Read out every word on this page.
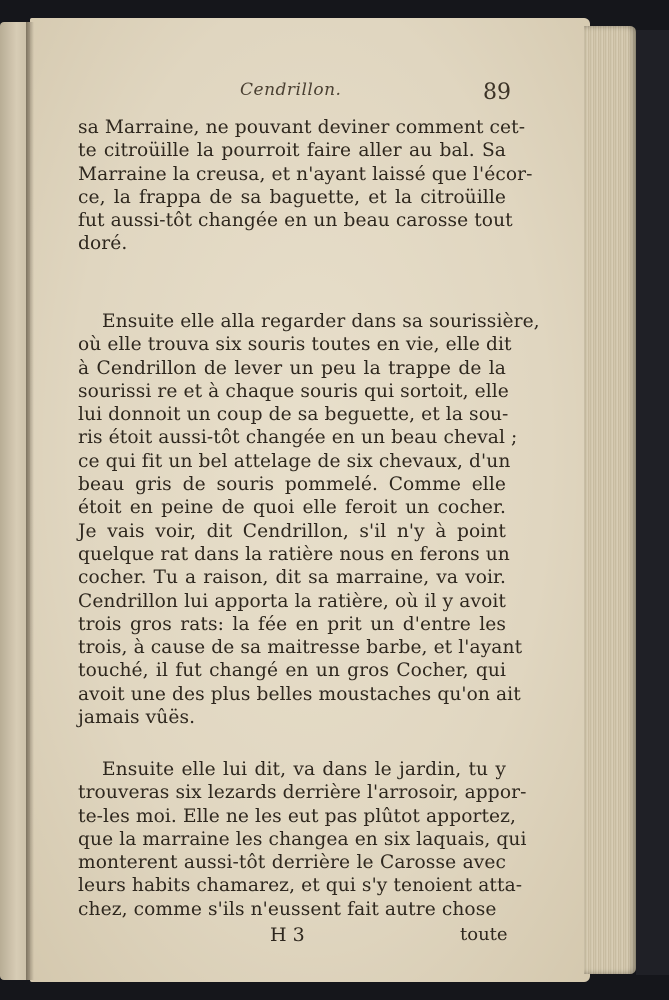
Cendrillon.	89
sa Marraine, ne pouvant deviner comment cet-
te citroüille la pourroit faire aller au bal. Sa
Marraine la creusa, et n'ayant laissé que l'écor-
ce, la frappa de sa baguette, et la citroüille
fut aussi-tôt changée en un beau carosse tout
doré.
Ensuite elle alla regarder dans sa sourissière,
où elle trouva six souris toutes en vie, elle dit
à Cendrillon de lever un peu la trappe de la
sourissi re et à chaque souris qui sortoit, elle
lui donnoit un coup de sa beguette, et la sou-
ris étoit aussi-tôt changée en un beau cheval ;
ce qui fit un bel attelage de six chevaux, d'un
beau gris de souris pommelé. Comme elle
étoit en peine de quoi elle feroit un cocher.
Je vais voir, dit Cendrillon, s'il n'y à point
quelque rat dans la ratière nous en ferons un
cocher. Tu a raison, dit sa marraine, va voir.
Cendrillon lui apporta la ratière, où il y avoit
trois gros rats: la fée en prit un d'entre les
trois, à cause de sa maitresse barbe, et l'ayant
touché, il fut changé en un gros Cocher, qui
avoit une des plus belles moustaches qu'on ait
jamais vûës.
Ensuite elle lui dit, va dans le jardin, tu y
trouveras six lezards derrière l'arrosoir, appor-
te-les moi. Elle ne les eut pas plûtot apportez,
que la marraine les changea en six laquais, qui
monterent aussi-tôt derrière le Carosse avec
leurs habits chamarez, et qui s'y tenoient atta-
chez, comme s'ils n'eussent fait autre chose
H 3	toute
